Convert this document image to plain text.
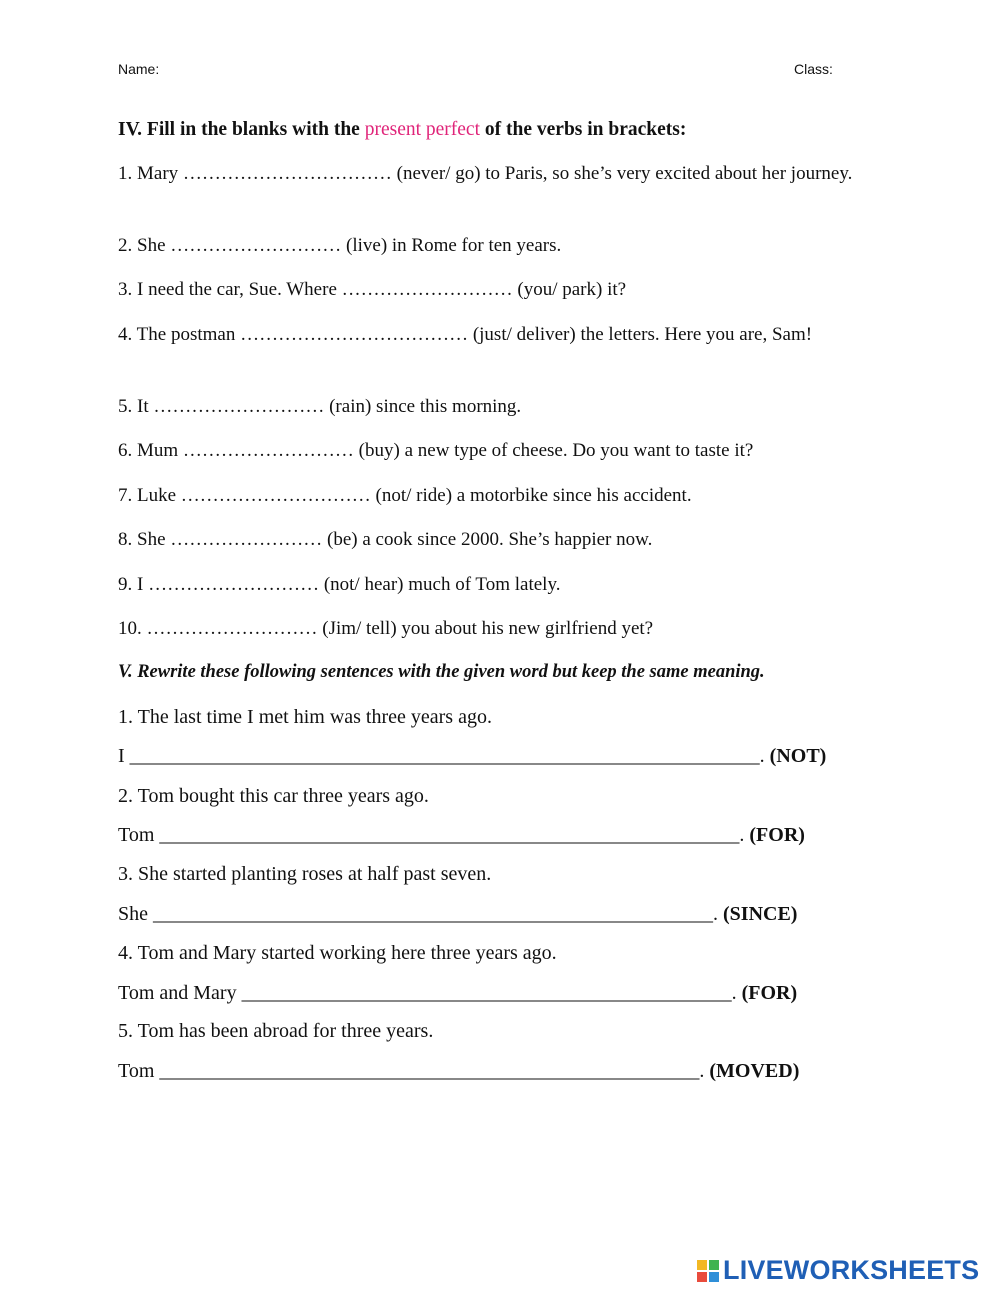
Name:	Class:
IV. Fill in the blanks with the present perfect of the verbs in brackets:
1. Mary …………………………… (never/ go) to Paris, so she’s very excited about her journey.
2. She ……………………… (live) in Rome for ten years.
3. I need the car, Sue. Where ……………………… (you/ park) it?
4. The postman ……………………………… (just/ deliver) the letters. Here you are, Sam!
5. It ……………………… (rain) since this morning.
6. Mum ……………………… (buy) a new type of cheese. Do you want to taste it?
7. Luke ………………………… (not/ ride) a motorbike since his accident.
8. She …………………… (be) a cook since 2000. She’s happier now.
9. I ……………………… (not/ hear) much of Tom lately.
10. ……………………… (Jim/ tell) you about his new girlfriend yet?
V. Rewrite these following sentences with the given word but keep the same meaning.
1. The last time I met him was three years ago.
I _______________________________________________________________. (NOT)
2. Tom bought this car three years ago.
Tom __________________________________________________________. (FOR)
3. She started planting roses at half past seven.
She ________________________________________________________. (SINCE)
4. Tom and Mary started working here three years ago.
Tom and Mary _________________________________________________. (FOR)
5. Tom has been abroad for three years.
Tom ______________________________________________________. (MOVED)
LIVEWORKSHEETS
